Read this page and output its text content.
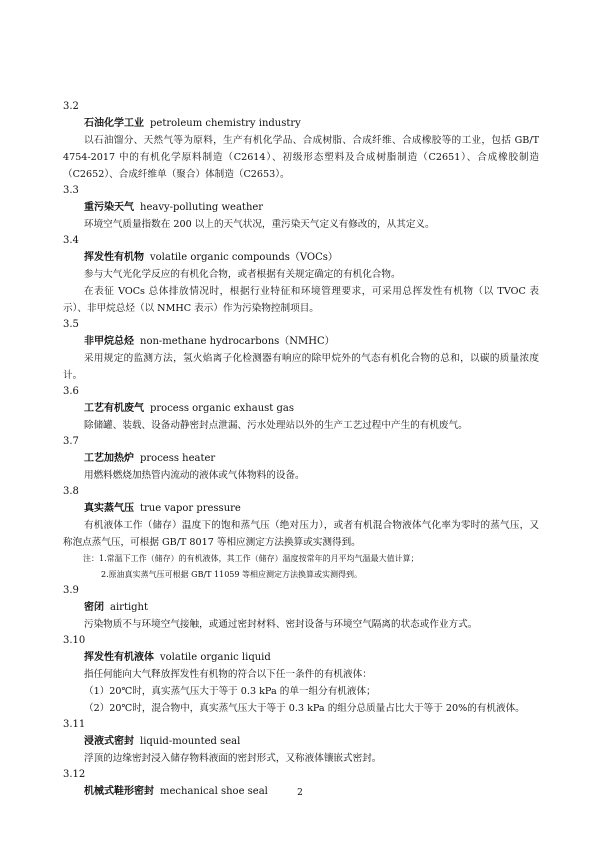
3.2
石油化学工业 petroleum chemistry industry

以石油馏分、天然气等为原料，生产有机化学品、合成树脂、合成纤维、合成橡胶等的工业，包括 GB/T 4754-2017 中的有机化学原料制造（C2614）、初级形态塑料及合成树脂制造（C2651）、合成橡胶制造（C2652）、合成纤维单（聚合）体制造（C2653）。

3.3
重污染天气 heavy-polluting weather

环境空气质量指数在 200 以上的天气状况，重污染天气定义有修改的，从其定义。

3.4
挥发性有机物 volatile organic compounds（VOCs）

参与大气光化学反应的有机化合物，或者根据有关规定确定的有机化合物。

在表征 VOCs 总体排放情况时，根据行业特征和环境管理要求，可采用总挥发性有机物（以 TVOC 表示）、非甲烷总烃（以 NMHC 表示）作为污染物控制项目。

3.5
非甲烷总烃 non-methane hydrocarbons（NMHC）

采用规定的监测方法，氢火焰离子化检测器有响应的除甲烷外的气态有机化合物的总和，以碳的质量浓度计。

3.6
工艺有机废气 process organic exhaust gas

除储罐、装载、设备动静密封点泄漏、污水处理站以外的生产工艺过程中产生的有机废气。

3.7
工艺加热炉 process heater

用燃料燃烧加热管内流动的液体或气体物料的设备。

3.8
真实蒸气压 true vapor pressure

有机液体工作（储存）温度下的饱和蒸气压（绝对压力），或者有机混合物液体气化率为零时的蒸气压，又称泡点蒸气压，可根据 GB/T 8017 等相应测定方法换算或实测得到。

注：1.常温下工作（储存）的有机液体，其工作（储存）温度按常年的月平均气温最大值计算；
2.原油真实蒸气压可根据 GB/T 11059 等相应测定方法换算或实测得到。
3.9
密闭 airtight

污染物质不与环境空气接触，或通过密封材料、密封设备与环境空气隔离的状态或作业方式。

3.10
挥发性有机液体 volatile organic liquid

指任何能向大气释放挥发性有机物的符合以下任一条件的有机液体：

（1）20℃时，真实蒸气压大于等于 0.3 kPa 的单一组分有机液体；

（2）20℃时，混合物中，真实蒸气压大于等于 0.3 kPa 的组分总质量占比大于等于 20%的有机液体。

3.11
浸液式密封 liquid-mounted seal

浮顶的边缘密封浸入储存物料液面的密封形式，又称液体镶嵌式密封。

3.12
机械式鞋形密封 mechanical shoe seal	2
